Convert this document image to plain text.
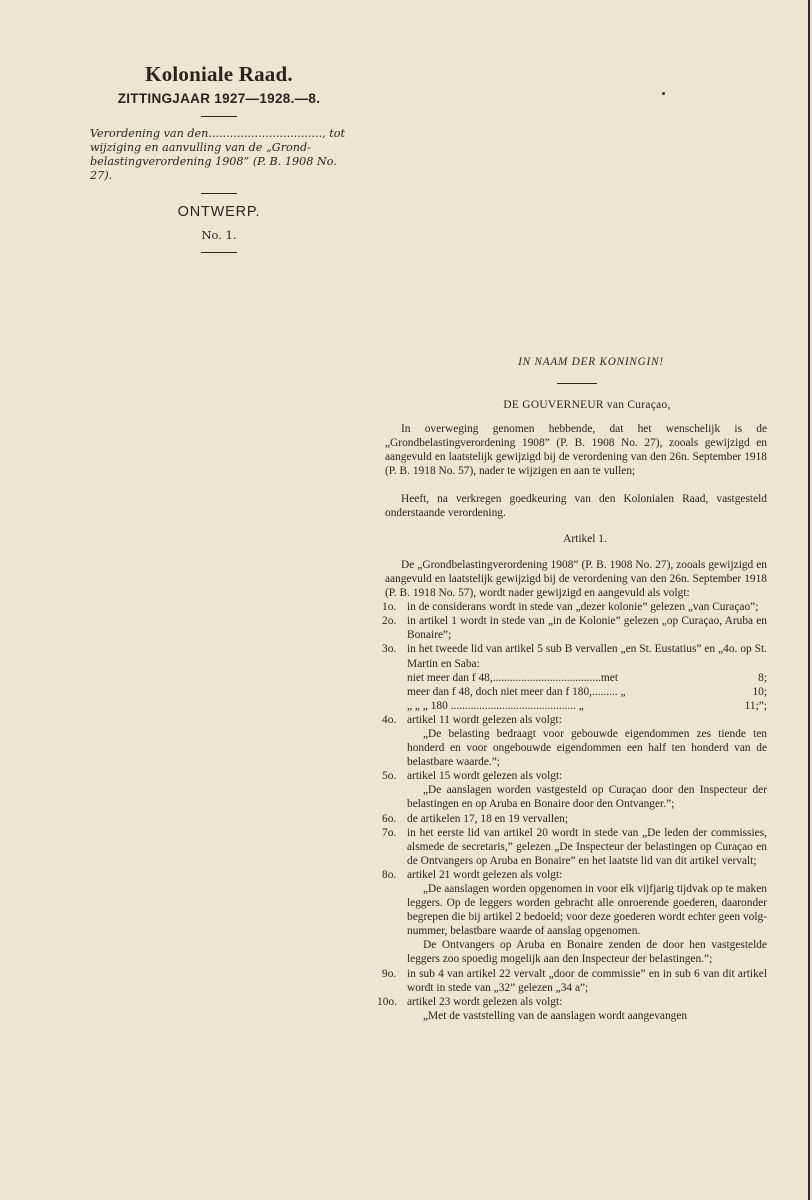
Koloniale Raad.

ZITTINGJAAR 1927—1928.—8.

Verordening van den................................, tot wijziging en aanvulling van de „Grondbelastingverordening 1908” (P. B. 1908 No. 27).

ONTWERP.
No. 1.
IN NAAM DER KONINGIN!
DE GOUVERNEUR van Curaçao,

In overweging genomen hebbende, dat het wenschelijk is de „Grondbelastingverordening 1908” (P. B. 1908 No. 27), zooals gewijzigd en aangevuld en laatstelijk gewijzigd bij de verordening van den 26n. September 1918 (P. B. 1918 No. 57), nader te wijzigen en aan te vullen;

Heeft, na verkregen goedkeuring van den Kolonialen Raad, vastgesteld onderstaande verordening.

Artikel 1.

De „Grondbelastingverordening 1908” (P. B. 1908 No. 27), zooals gewijzigd en aangevuld en laatstelijk gewijzigd bij de verordening van den 26n. September 1918 (P. B. 1918 No. 57), wordt nader gewijzigd en aangevuld als volgt:

1o. in de considerans wordt in stede van „dezer kolonie” gelezen „van Curaçao”;
2o. in artikel 1 wordt in stede van „in de Kolonie” gelezen „op Curaçao, Aruba en Bonaire”;
3o. in het tweede lid van artikel 5 sub B vervallen „en St. Eustatius” en „4o. op St. Martin en Saba:
niet meer dan f 48,......................................met	8;
meer dan f 48, doch niet meer dan f 180,......... „	10;
„ „ „ 180 ............................................ „	11;”;
4o. artikel 11 wordt gelezen als volgt:
„De belasting bedraagt voor gebouwde eigendommen zes tiende ten honderd en voor ongebouwde eigendommen een half ten honderd van de belastbare waarde.”;
5o. artikel 15 wordt gelezen als volgt:
„De aanslagen worden vastgesteld op Curaçao door den Inspecteur der belastingen en op Aruba en Bonaire door den Ontvanger.”;
6o. de artikelen 17, 18 en 19 vervallen;
7o. in het eerste lid van artikel 20 wordt in stede van „De leden der commissies, alsmede de secretaris,” gelezen „De Inspecteur der belastingen op Curaçao en de Ontvangers op Aruba en Bonaire” en het laatste lid van dit artikel vervalt;
8o. artikel 21 wordt gelezen als volgt:
„De aanslagen worden opgenomen in voor elk vijfjarig tijdvak op te maken leggers. Op de leggers worden gebracht alle onroerende goederen, daaronder begrepen die bij artikel 2 bedoeld; voor deze goederen wordt echter geen volgnummer, belastbare waarde of aanslag opgenomen.
De Ontvangers op Aruba en Bonaire zenden de door hen vastgestelde leggers zoo spoedig mogelijk aan den Inspecteur der belastingen.”;
9o. in sub 4 van artikel 22 vervalt „door de commissie” en in sub 6 van dit artikel wordt in stede van „32” gelezen „34 a”;
10o. artikel 23 wordt gelezen als volgt:
„Met de vaststelling van de aanslagen wordt aangevangen
